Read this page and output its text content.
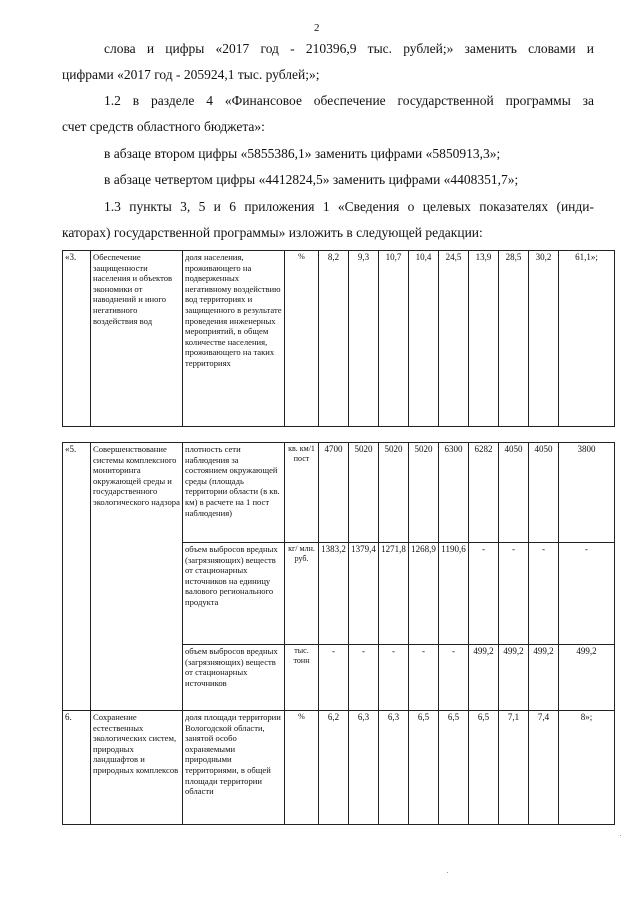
2
слова и цифры «2017 год - 210396,9 тыс. рублей;» заменить словами и
цифрами «2017 год - 205924,1 тыс. рублей;»;
1.2 в разделе 4 «Финансовое обеспечение государственной программы за
счет средств областного бюджета»:
в абзаце втором цифры «5855386,1» заменить цифрами «5850913,3»;
в абзаце четвертом цифры «4412824,5» заменить цифрами «4408351,7»;
1.3 пункты 3, 5 и 6 приложения 1 «Сведения о целевых показателях (инди-
каторах) государственной программы» изложить в следующей редакции:
«3.	Обеспечение защищенности населения и объектов экономики от наводнений и иного негативного воздействия вод	доля населения, проживающего на подверженных негативному воздействию вод территориях и защищенного в результате проведения инженерных мероприятий, в общем количестве населения, проживающего на таких территориях	%	8,2	9,3	10,7	10,4	24,5	13,9	28,5	30,2	61,1»;
«5.	Совершенствование системы комплексного мониторинга окружающей среды и государственного экологического надзора	плотность сети наблюдения за состоянием окружающей среды (площадь территории области (в кв. км) в расчете на 1 пост наблюдения)	кв. км/1 пост	4700	5020	5020	5020	6300	6282	4050	4050	3800
		объем выбросов вредных (загрязняющих) веществ от стационарных источников на единицу валового регионального продукта	кг/ млн. руб.	1383,2	1379,4	1271,8	1268,9	1190,6	-	-	-	-
		объем выбросов вредных (загрязняющих) веществ от стационарных источников	тыс. тонн	-	-	-	-	-	499,2	499,2	499,2	499,2
6.	Сохранение естественных экологических систем, природных ландшафтов и природных комплексов	доля площади территории Вологодской области, занятой особо охраняемыми природными территориями, в общей площади территории области	%	6,2	6,3	6,3	6,5	6,5	6,5	7,1	7,4	8»;
